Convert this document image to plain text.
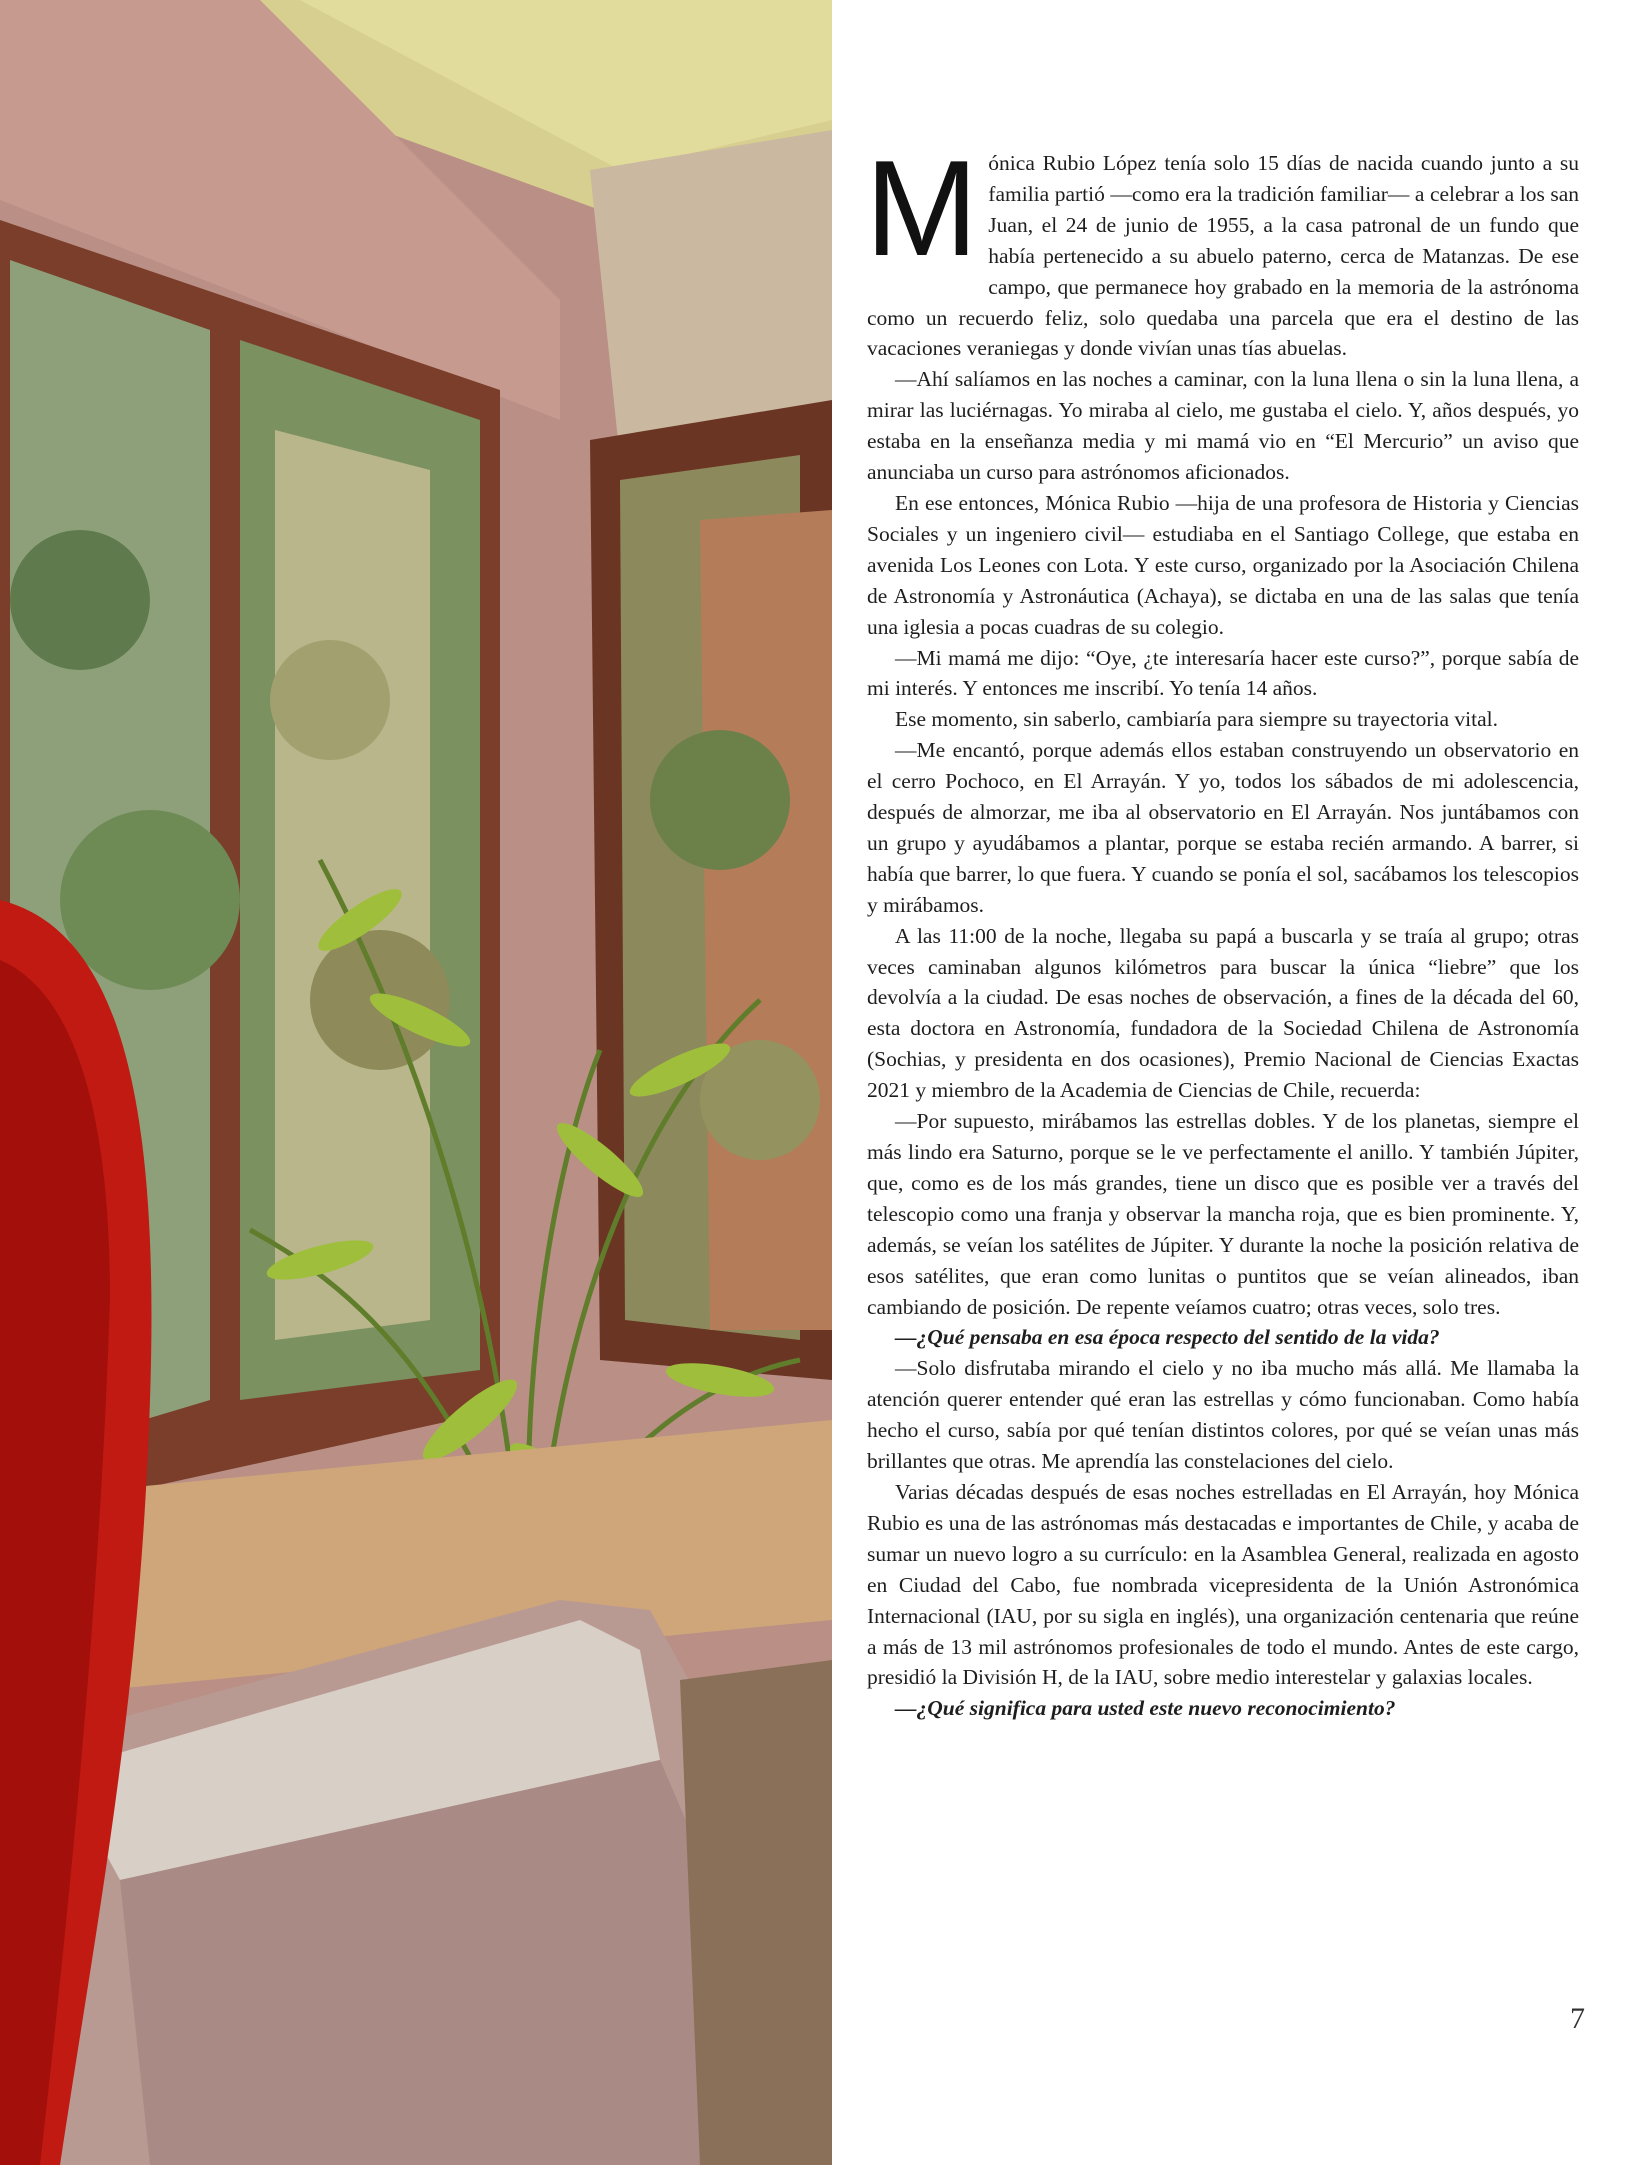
Mónica Rubio López tenía solo 15 días de nacida cuando junto a su familia partió —como era la tradición familiar— a celebrar a los san Juan, el 24 de junio de 1955, a la casa patronal de un fundo que había pertenecido a su abuelo paterno, cerca de Matanzas. De ese campo, que permanece hoy grabado en la memoria de la astrónoma como un recuerdo feliz, solo quedaba una parcela que era el destino de las vacaciones veraniegas y donde vivían unas tías abuelas.

—Ahí salíamos en las noches a caminar, con la luna llena o sin la luna llena, a mirar las luciérnagas. Yo miraba al cielo, me gustaba el cielo. Y, años después, yo estaba en la enseñanza media y mi mamá vio en “El Mercurio” un aviso que anunciaba un curso para astrónomos aficionados.

En ese entonces, Mónica Rubio —hija de una profesora de Historia y Ciencias Sociales y un ingeniero civil— estudiaba en el Santiago College, que estaba en avenida Los Leones con Lota. Y este curso, organizado por la Asociación Chilena de Astronomía y Astronáutica (Achaya), se dictaba en una de las salas que tenía una iglesia a pocas cuadras de su colegio.

—Mi mamá me dijo: “Oye, ¿te interesaría hacer este curso?”, porque sabía de mi interés. Y entonces me inscribí. Yo tenía 14 años.

Ese momento, sin saberlo, cambiaría para siempre su trayectoria vital.

—Me encantó, porque además ellos estaban construyendo un observatorio en el cerro Pochoco, en El Arrayán. Y yo, todos los sábados de mi adolescencia, después de almorzar, me iba al observatorio en El Arrayán. Nos juntábamos con un grupo y ayudábamos a plantar, porque se estaba recién armando. A barrer, si había que barrer, lo que fuera. Y cuando se ponía el sol, sacábamos los telescopios y mirábamos.

A las 11:00 de la noche, llegaba su papá a buscarla y se traía al grupo; otras veces caminaban algunos kilómetros para buscar la única “liebre” que los devolvía a la ciudad. De esas noches de observación, a fines de la década del 60, esta doctora en Astronomía, fundadora de la Sociedad Chilena de Astronomía (Sochias, y presidenta en dos ocasiones), Premio Nacional de Ciencias Exactas 2021 y miembro de la Academia de Ciencias de Chile, recuerda:

—Por supuesto, mirábamos las estrellas dobles. Y de los planetas, siempre el más lindo era Saturno, porque se le ve perfectamente el anillo. Y también Júpiter, que, como es de los más grandes, tiene un disco que es posible ver a través del telescopio como una franja y observar la mancha roja, que es bien prominente. Y, además, se veían los satélites de Júpiter. Y durante la noche la posición relativa de esos satélites, que eran como lunitas o puntitos que se veían alineados, iban cambiando de posición. De repente veíamos cuatro; otras veces, solo tres.

—¿Qué pensaba en esa época respecto del sentido de la vida?

—Solo disfrutaba mirando el cielo y no iba mucho más allá. Me llamaba la atención querer entender qué eran las estrellas y cómo funcionaban. Como había hecho el curso, sabía por qué tenían distintos colores, por qué se veían unas más brillantes que otras. Me aprendía las constelaciones del cielo.

Varias décadas después de esas noches estrelladas en El Arrayán, hoy Mónica Rubio es una de las astrónomas más destacadas e importantes de Chile, y acaba de sumar un nuevo logro a su currículo: en la Asamblea General, realizada en agosto en Ciudad del Cabo, fue nombrada vicepresidenta de la Unión Astronómica Internacional (IAU, por su sigla en inglés), una organización centenaria que reúne a más de 13 mil astrónomos profesionales de todo el mundo. Antes de este cargo, presidió la División H, de la IAU, sobre medio interestelar y galaxias locales.

—¿Qué significa para usted este nuevo reconocimiento?

7
